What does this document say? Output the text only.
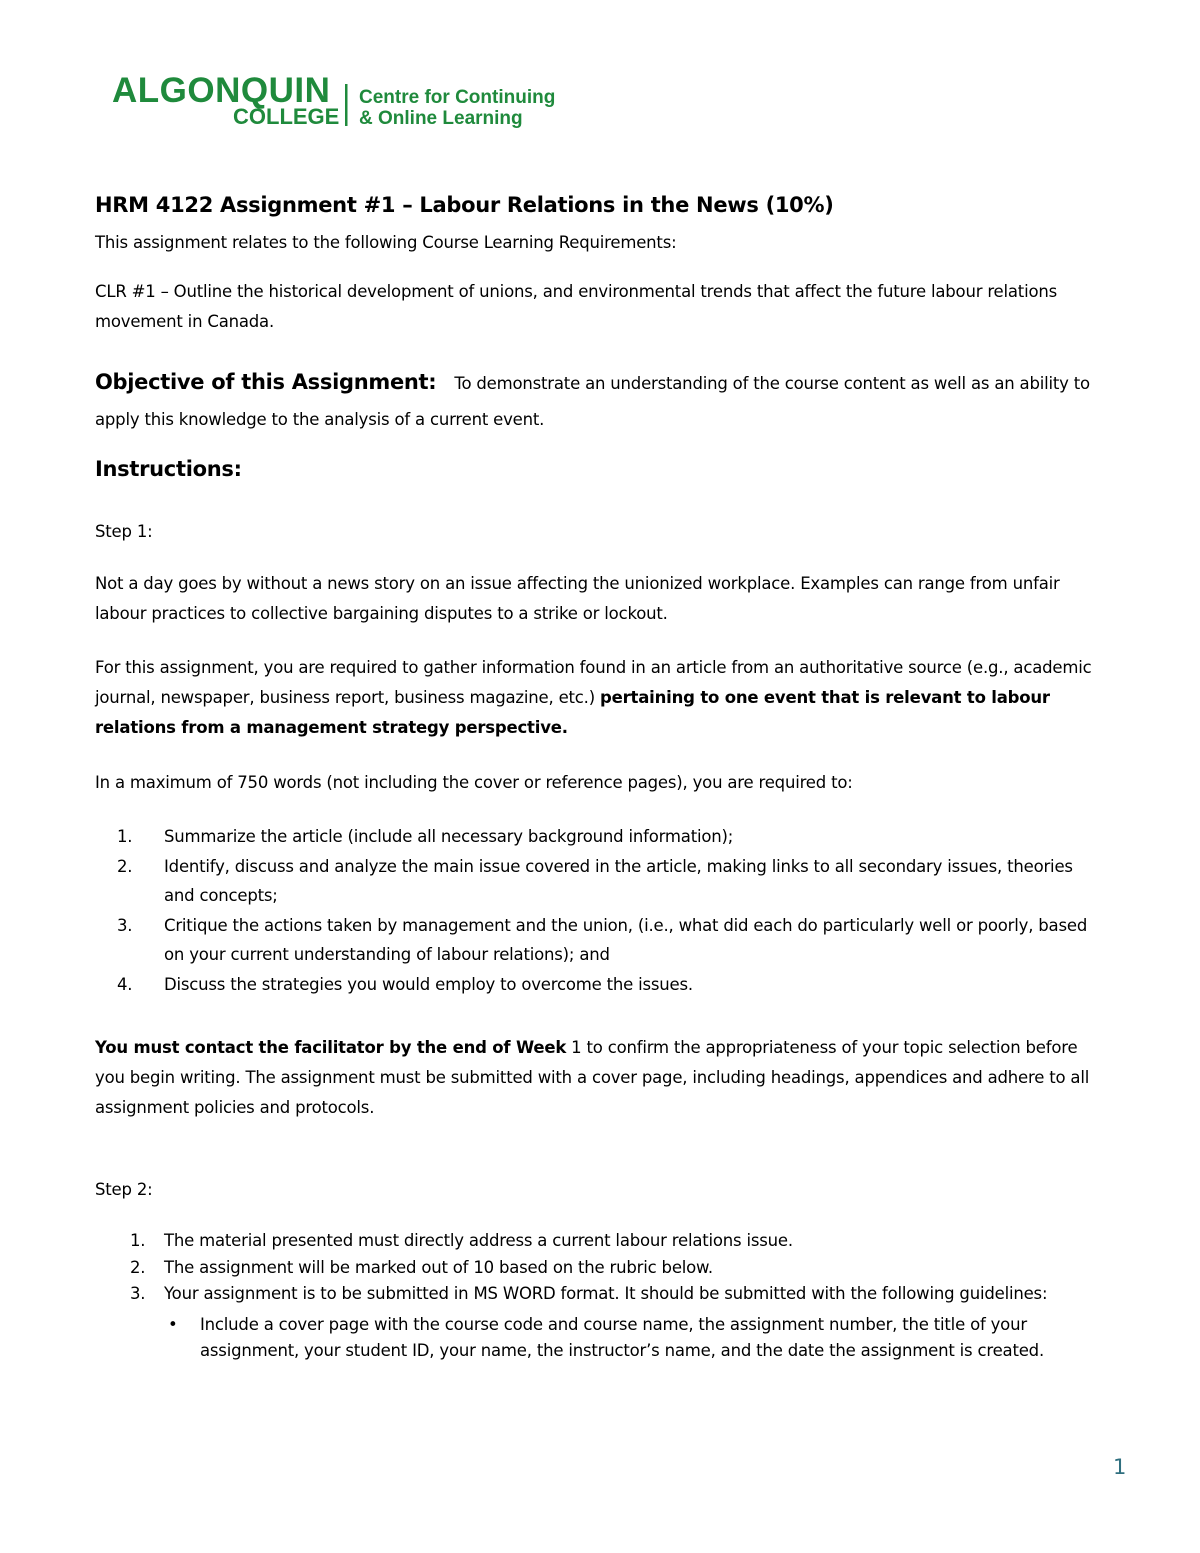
ALGONQUIN
COLLEGE
Centre for Continuing
& Online Learning
HRM 4122 Assignment #1 – Labour Relations in the News (10%)

This assignment relates to the following Course Learning Requirements:

CLR #1 – Outline the historical development of unions, and environmental trends that affect the future labour relations movement in Canada.

Objective of this Assignment: To demonstrate an understanding of the course content as well as an ability to apply this knowledge to the analysis of a current event.

Instructions:

Step 1:

Not a day goes by without a news story on an issue affecting the unionized workplace. Examples can range from unfair labour practices to collective bargaining disputes to a strike or lockout.

For this assignment, you are required to gather information found in an article from an authoritative source (e.g., academic journal, newspaper, business report, business magazine, etc.) pertaining to one event that is relevant to labour relations from a management strategy perspective.

In a maximum of 750 words (not including the cover or reference pages), you are required to:

1. Summarize the article (include all necessary background information);
2. Identify, discuss and analyze the main issue covered in the article, making links to all secondary issues, theories and concepts;
3. Critique the actions taken by management and the union, (i.e., what did each do particularly well or poorly, based on your current understanding of labour relations); and
4. Discuss the strategies you would employ to overcome the issues.

You must contact the facilitator by the end of Week 1 to confirm the appropriateness of your topic selection before you begin writing. The assignment must be submitted with a cover page, including headings, appendices and adhere to all assignment policies and protocols.

Step 2:

1. The material presented must directly address a current labour relations issue.
2. The assignment will be marked out of 10 based on the rubric below.
3. Your assignment is to be submitted in MS WORD format. It should be submitted with the following guidelines:
• Include a cover page with the course code and course name, the assignment number, the title of your assignment, your student ID, your name, the instructor’s name, and the date the assignment is created.
1
